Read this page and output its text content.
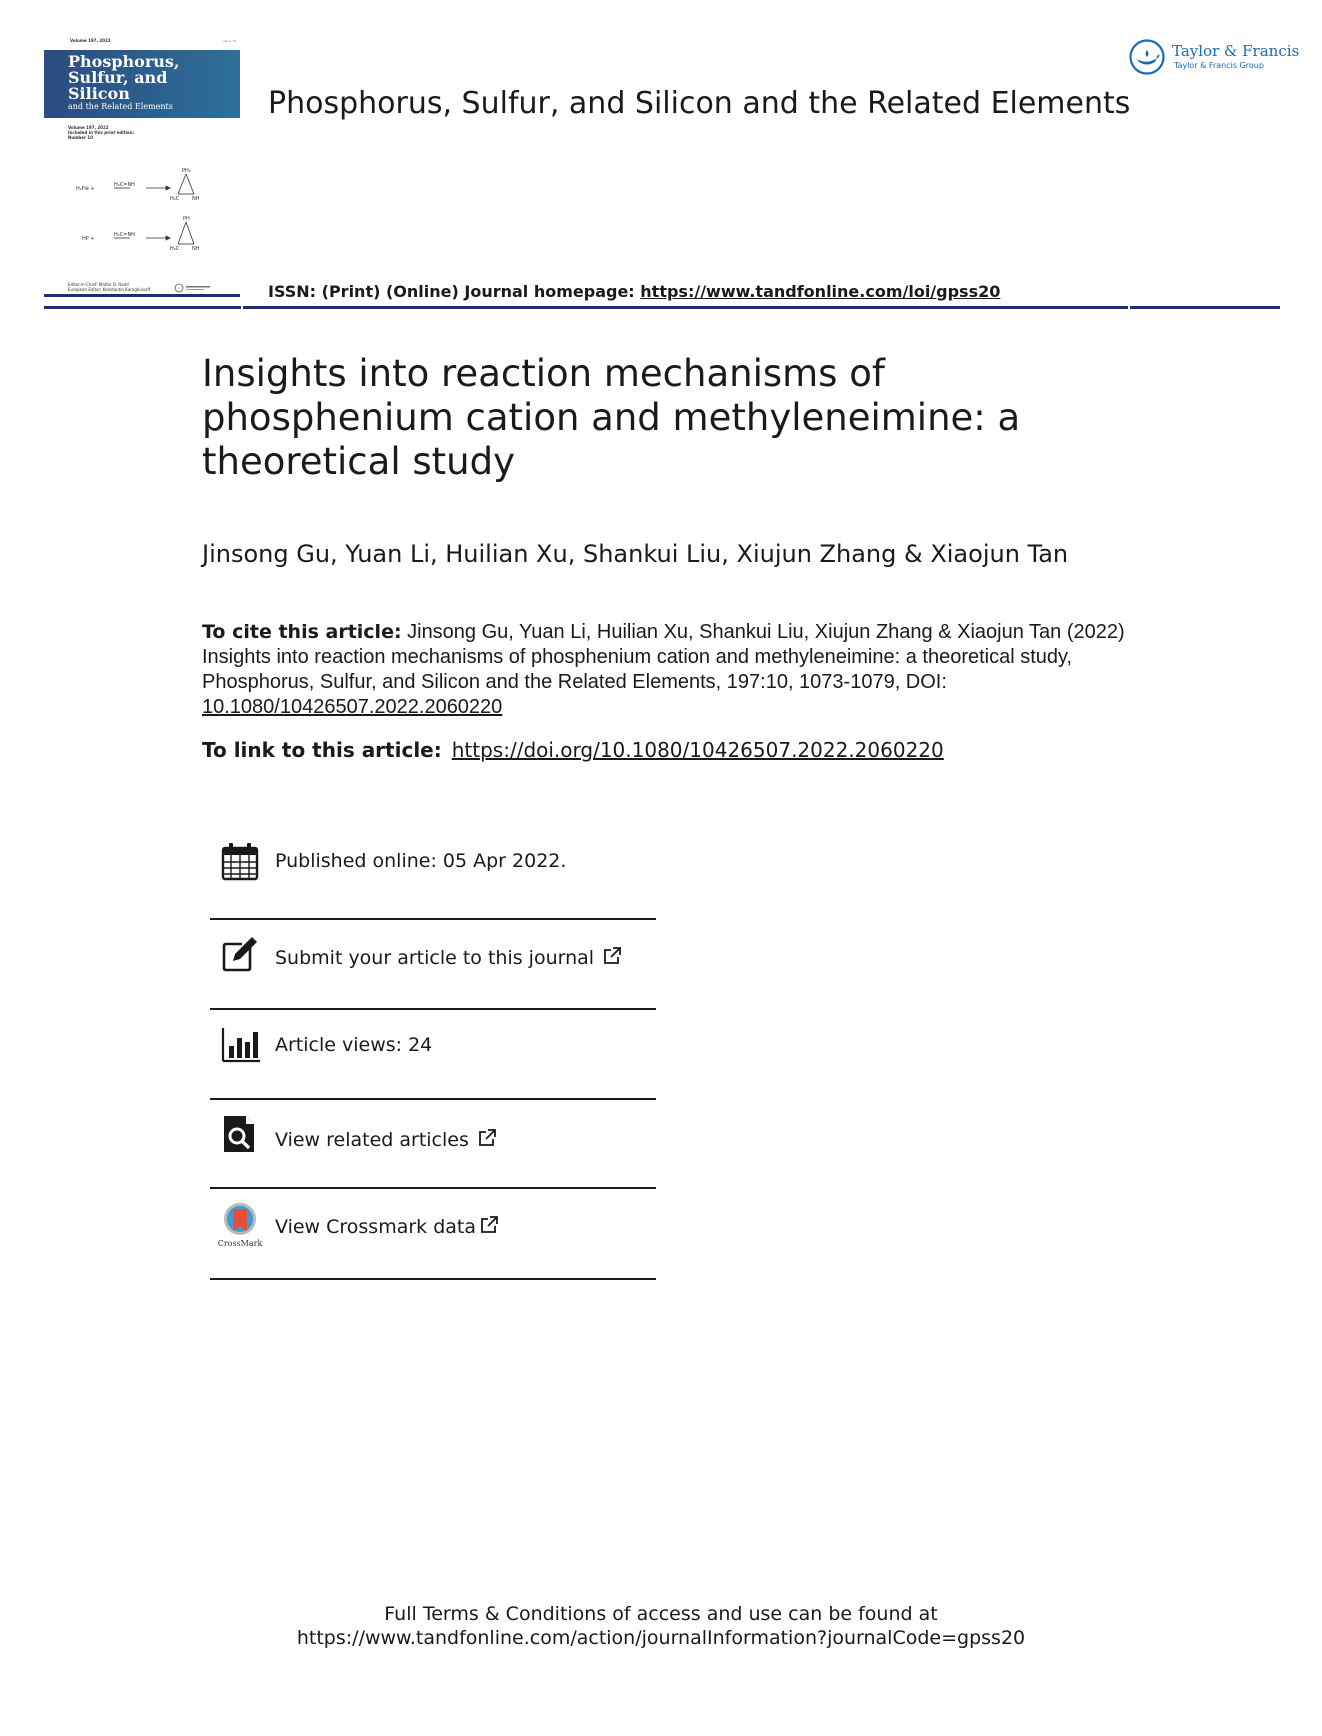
Volume 197, 2022	Issue 10
Phosphorus,
Sulfur, and
Silicon
and the Related Elements
Volume 197, 2022
Included in this print edition:
Number 10
H₂P⊕ +
H₂C=NH
PH₂
H₂C	NH
HP +
H₂C=NH
PH
H₂C	NH
Editor-in-Chief: Mattie D. Rudd
European Editor: Konstantin Karaghiosoff
Phosphorus, Sulfur, and Silicon and the Related Elements
Taylor & Francis
Taylor & Francis Group
ISSN: (Print) (Online) Journal homepage: https://www.tandfonline.com/loi/gpss20
Insights into reaction mechanisms of phosphenium cation and methyleneimine: a theoretical study
Jinsong Gu, Yuan Li, Huilian Xu, Shankui Liu, Xiujun Zhang & Xiaojun Tan
To cite this article: Jinsong Gu, Yuan Li, Huilian Xu, Shankui Liu, Xiujun Zhang & Xiaojun Tan (2022) Insights into reaction mechanisms of phosphenium cation and methyleneimine: a theoretical study, Phosphorus, Sulfur, and Silicon and the Related Elements, 197:10, 1073-1079, DOI: 10.1080/10426507.2022.2060220
To link to this article: https://doi.org/10.1080/10426507.2022.2060220
Published online: 05 Apr 2022.
Submit your article to this journal
Article views: 24
View related articles
CrossMark
View Crossmark data
Full Terms & Conditions of access and use can be found at
https://www.tandfonline.com/action/journalInformation?journalCode=gpss20
